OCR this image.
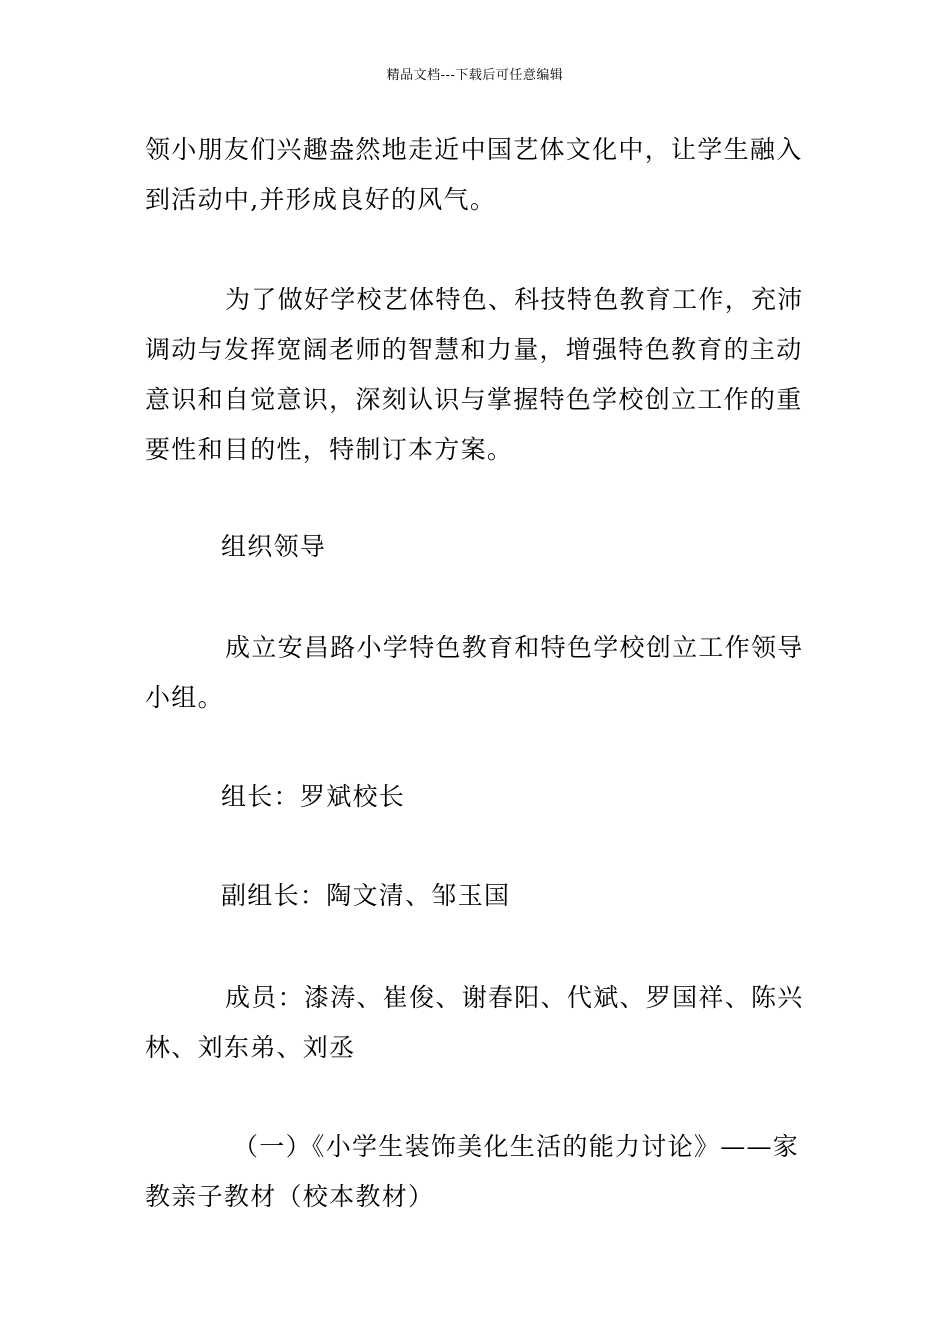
精品文档---下载后可任意编辑
领小朋友们兴趣盎然地走近中国艺体文化中，让学生融入
到活动中,并形成良好的风气。
为了做好学校艺体特色、科技特色教育工作，充沛
调动与发挥宽阔老师的智慧和力量，增强特色教育的主动
意识和自觉意识，深刻认识与掌握特色学校创立工作的重
要性和目的性，特制订本方案。
组织领导
成立安昌路小学特色教育和特色学校创立工作领导
小组。
组长：罗斌校长
副组长：陶文清、邹玉国
成员：漆涛、崔俊、谢春阳、代斌、罗国祥、陈兴
林、刘东弟、刘丞
（一）《小学生装饰美化生活的能力讨论》——家
教亲子教材（校本教材）
